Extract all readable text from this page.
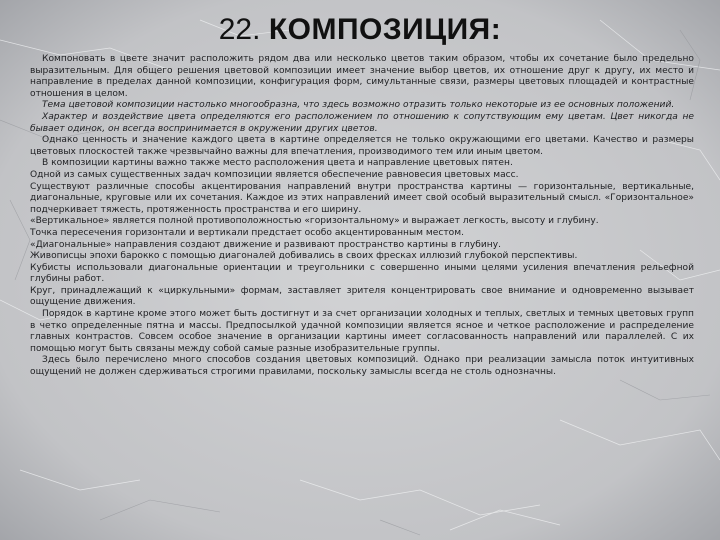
22. КОМПОЗИЦИЯ:

Компоновать в цвете значит расположить рядом два или несколько цветов таким образом, чтобы их сочетание было предельно выразительным. Для общего решения цветовой композиции имеет значение выбор цветов, их отношение друг к другу, их место и направление в пределах данной композиции, конфигурация форм, симультанные связи, размеры цветовых площадей и контрастные отношения в целом.

Тема цветовой композиции настолько многообразна, что здесь возможно отразить только некоторые из ее основных положений.

Характер и воздействие цвета определяются его расположением по отношению к сопутствующим ему цветам. Цвет никогда не бывает одинок, он всегда воспринимается в окружении других цветов.

Однако ценность и значение каждого цвета в картине определяется не только окружающими его цветами. Качество и размеры цветовых плоскостей также чрезвычайно важны для впечатления, производимого тем или иным цветом.

В композиции картины важно также место расположения цвета и направление цветовых пятен.

Одной из самых существенных задач композиции является обеспечение равновесия цветовых масс.

Существуют различные способы акцентирования направлений внутри пространства картины — горизонтальные, вертикальные, диагональные, круговые или их сочетания. Каждое из этих направлений имеет свой особый выразительный смысл. «Горизонтальное» подчеркивает тяжесть, протяженность пространства и его ширину.

«Вертикальное» является полной противоположностью «горизонтальному» и выражает легкость, высоту и глубину.

Точка пересечения горизонтали и вертикали предстает особо акцентированным местом.

«Диагональные» направления создают движение и развивают пространство картины в глубину.

Живописцы эпохи барокко с помощью диагоналей добивались в своих фресках иллюзий глубокой перспективы.

Кубисты использовали диагональные ориентации и треугольники с совершенно иными целями усиления впечатления рельефной глубины работ.

Круг, принадлежащий к «циркульными» формам, заставляет зрителя концентрировать свое внимание и одновременно вызывает ощущение движения.

Порядок в картине кроме этого может быть достигнут и за счет организации холодных и теплых, светлых и темных цветовых групп в четко определенные пятна и массы. Предпосылкой удачной композиции является ясное и четкое расположение и распределение главных контрастов. Совсем особое значение в организации картины имеет согласованность направлений или параллелей. С их помощью могут быть связаны между собой самые разные изобразительные группы.

Здесь было перечислено много способов создания цветовых композиций. Однако при реализации замысла поток интуитивных ощущений не должен сдерживаться строгими правилами, поскольку замыслы всегда не столь однозначны.
